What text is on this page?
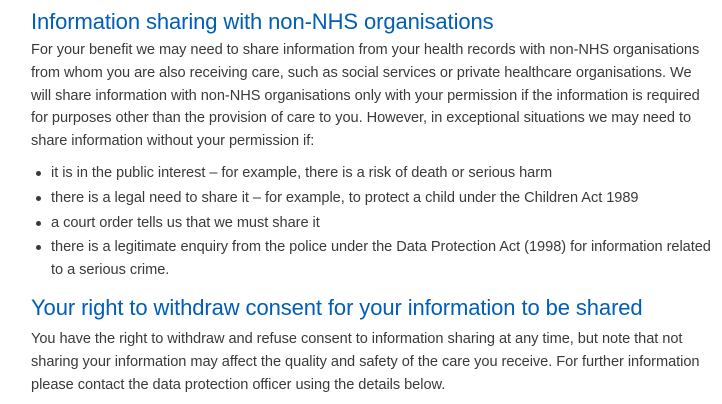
Information sharing with non-NHS organisations

For your benefit we may need to share information from your health records with non-NHS organisations from whom you are also receiving care, such as social services or private healthcare organisations. We will share information with non-NHS organisations only with your permission if the information is required for purposes other than the provision of care to you. However, in exceptional situations we may need to share information without your permission if:

it is in the public interest – for example, there is a risk of death or serious harm
there is a legal need to share it – for example, to protect a child under the Children Act 1989
a court order tells us that we must share it
there is a legitimate enquiry from the police under the Data Protection Act (1998) for information related to a serious crime.
Your right to withdraw consent for your information to be shared

You have the right to withdraw and refuse consent to information sharing at any time, but note that not sharing your information may affect the quality and safety of the care you receive. For further information please contact the data protection officer using the details below.
